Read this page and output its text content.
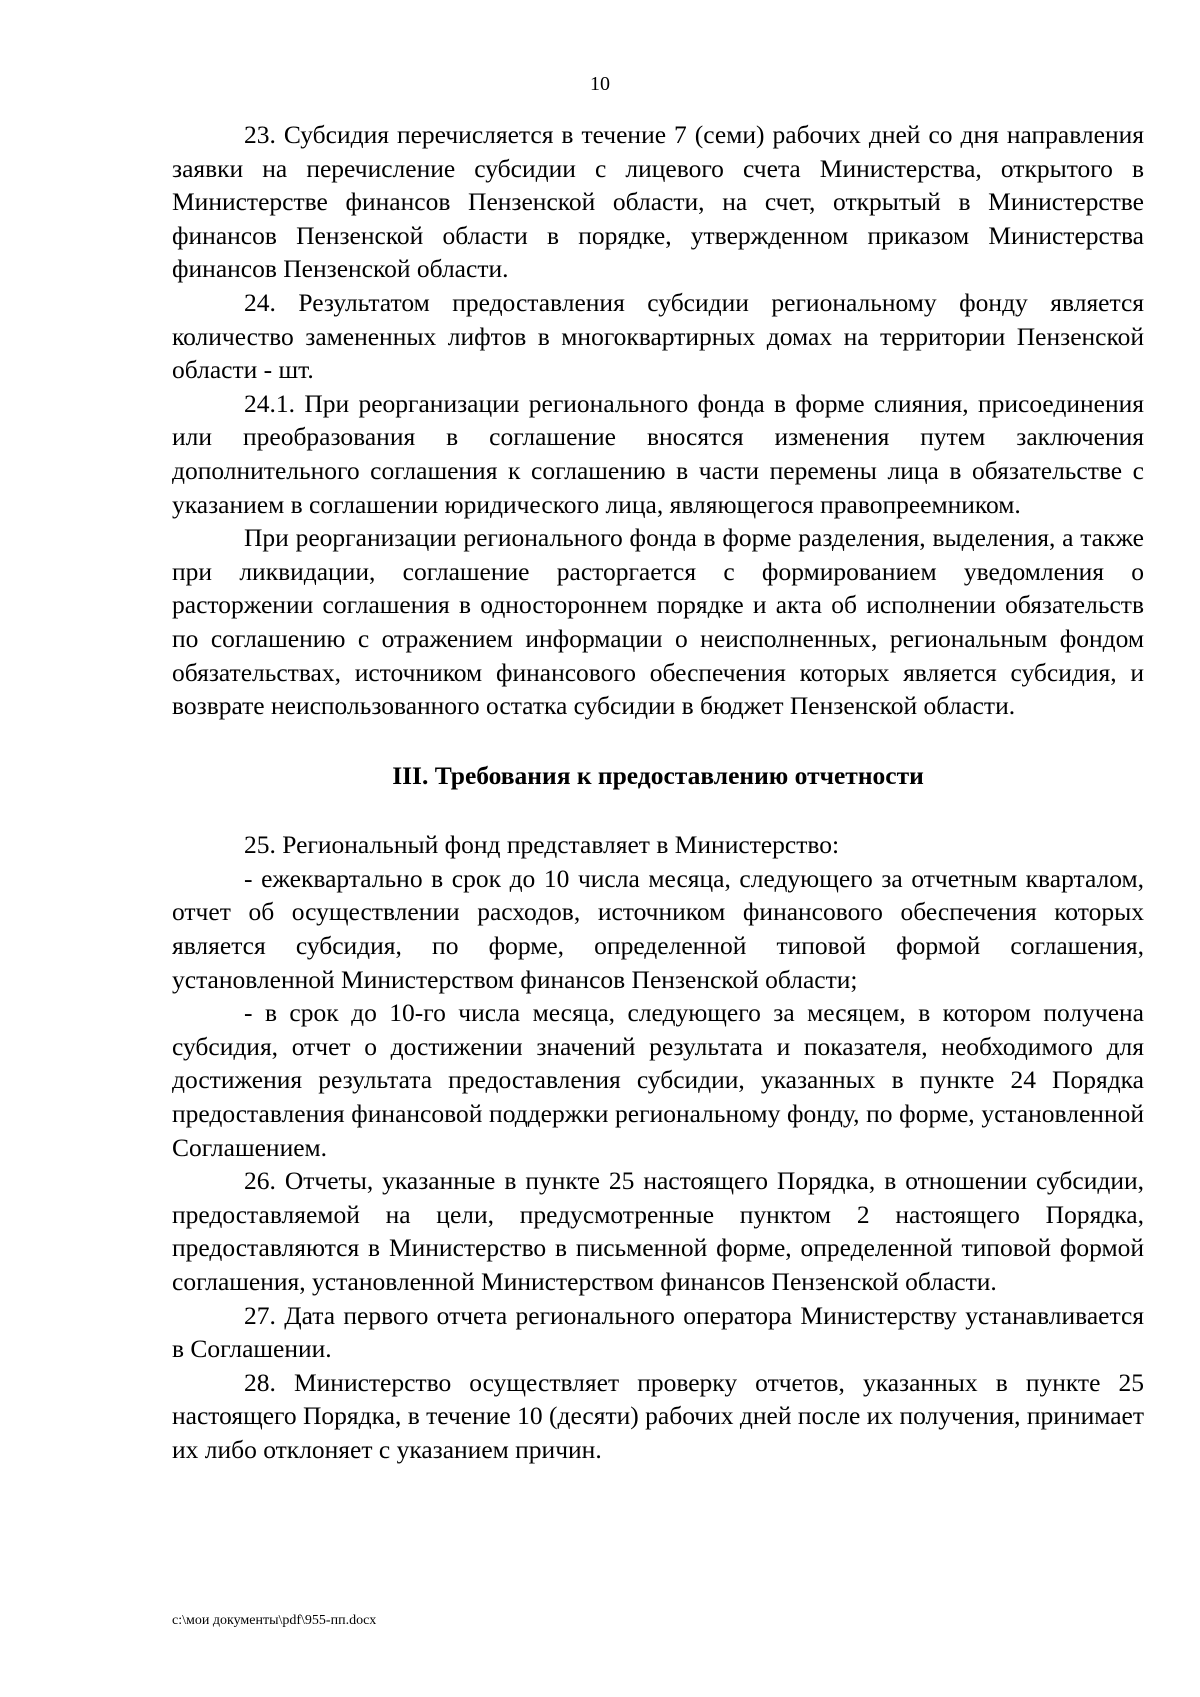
10

23. Субсидия перечисляется в течение 7 (семи) рабочих дней со дня направления заявки на перечисление субсидии с лицевого счета Министерства, открытого в Министерстве финансов Пензенской области, на счет, открытый в Министерстве финансов Пензенской области в порядке, утвержденном приказом Министерства финансов Пензенской области.

24. Результатом предоставления субсидии региональному фонду является количество замененных лифтов в многоквартирных домах на территории Пензенской области - шт.

24.1. При реорганизации регионального фонда в форме слияния, присоединения или преобразования в соглашение вносятся изменения путем заключения дополнительного соглашения к соглашению в части перемены лица в обязательстве с указанием в соглашении юридического лица, являющегося правопреемником.

При реорганизации регионального фонда в форме разделения, выделения, а также при ликвидации, соглашение расторгается с формированием уведомления о расторжении соглашения в одностороннем порядке и акта об исполнении обязательств по соглашению с отражением информации о неисполненных, региональным фондом обязательствах, источником финансового обеспечения которых является субсидия, и возврате неиспользованного остатка субсидии в бюджет Пензенской области.

III. Требования к предоставлению отчетности

25. Региональный фонд представляет в Министерство:

- ежеквартально в срок до 10 числа месяца, следующего за отчетным кварталом, отчет об осуществлении расходов, источником финансового обеспечения которых является субсидия, по форме, определенной типовой формой соглашения, установленной Министерством финансов Пензенской области;

- в срок до 10-го числа месяца, следующего за месяцем, в котором получена субсидия, отчет о достижении значений результата и показателя, необходимого для достижения результата предоставления субсидии, указанных в пункте 24 Порядка предоставления финансовой поддержки региональному фонду, по форме, установленной Соглашением.

26. Отчеты, указанные в пункте 25 настоящего Порядка, в отношении субсидии, предоставляемой на цели, предусмотренные пунктом 2 настоящего Порядка, предоставляются в Министерство в письменной форме, определенной типовой формой соглашения, установленной Министерством финансов Пензенской области.

27. Дата первого отчета регионального оператора Министерству устанавливается в Соглашении.

28. Министерство осуществляет проверку отчетов, указанных в пункте 25 настоящего Порядка, в течение 10 (десяти) рабочих дней после их получения, принимает их либо отклоняет с указанием причин.

c:\мои документы\pdf\955-пп.docx
